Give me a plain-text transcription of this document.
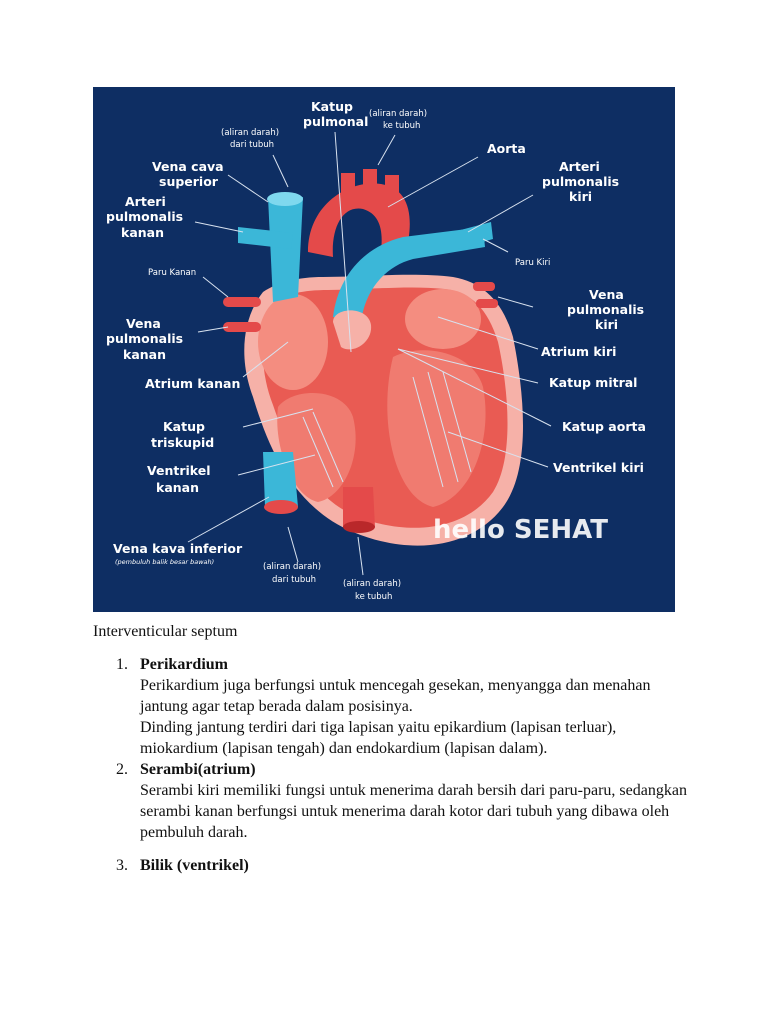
Katup
pulmonal (aliran darah)
ke tubuh
(aliran darah)
dari tubuh	Aorta
Vena cava
superior
Arteri
pulmonalis
kiri
Arteri
pulmonalis
kanan
Paru Kanan
Paru Kiri
Vena
pulmonalis
kiri
Vena
pulmonalis
kanan	Atrium kiri
Atrium kanan	Katup mitral
Katup
triskupid
Katup aorta
Ventrikel
kanan
Ventrikel kiri
Vena kava inferior
(pembuluh balik besar bawah)	(aliran darah)
dari tubuh	(aliran darah)
ke tubuh
hello SEHAT
Interventicular septum
1. Perikardium
Perikardium juga berfungsi untuk mencegah gesekan, menyangga dan menahan jantung agar tetap berada dalam posisinya.
Dinding jantung terdiri dari tiga lapisan yaitu epikardium (lapisan terluar), miokardium (lapisan tengah) dan endokardium (lapisan dalam).
2. Serambi(atrium)
Serambi kiri memiliki fungsi untuk menerima darah bersih dari paru-paru, sedangkan serambi kanan berfungsi untuk menerima darah kotor dari tubuh yang dibawa oleh pembuluh darah.
3. Bilik (ventrikel)
